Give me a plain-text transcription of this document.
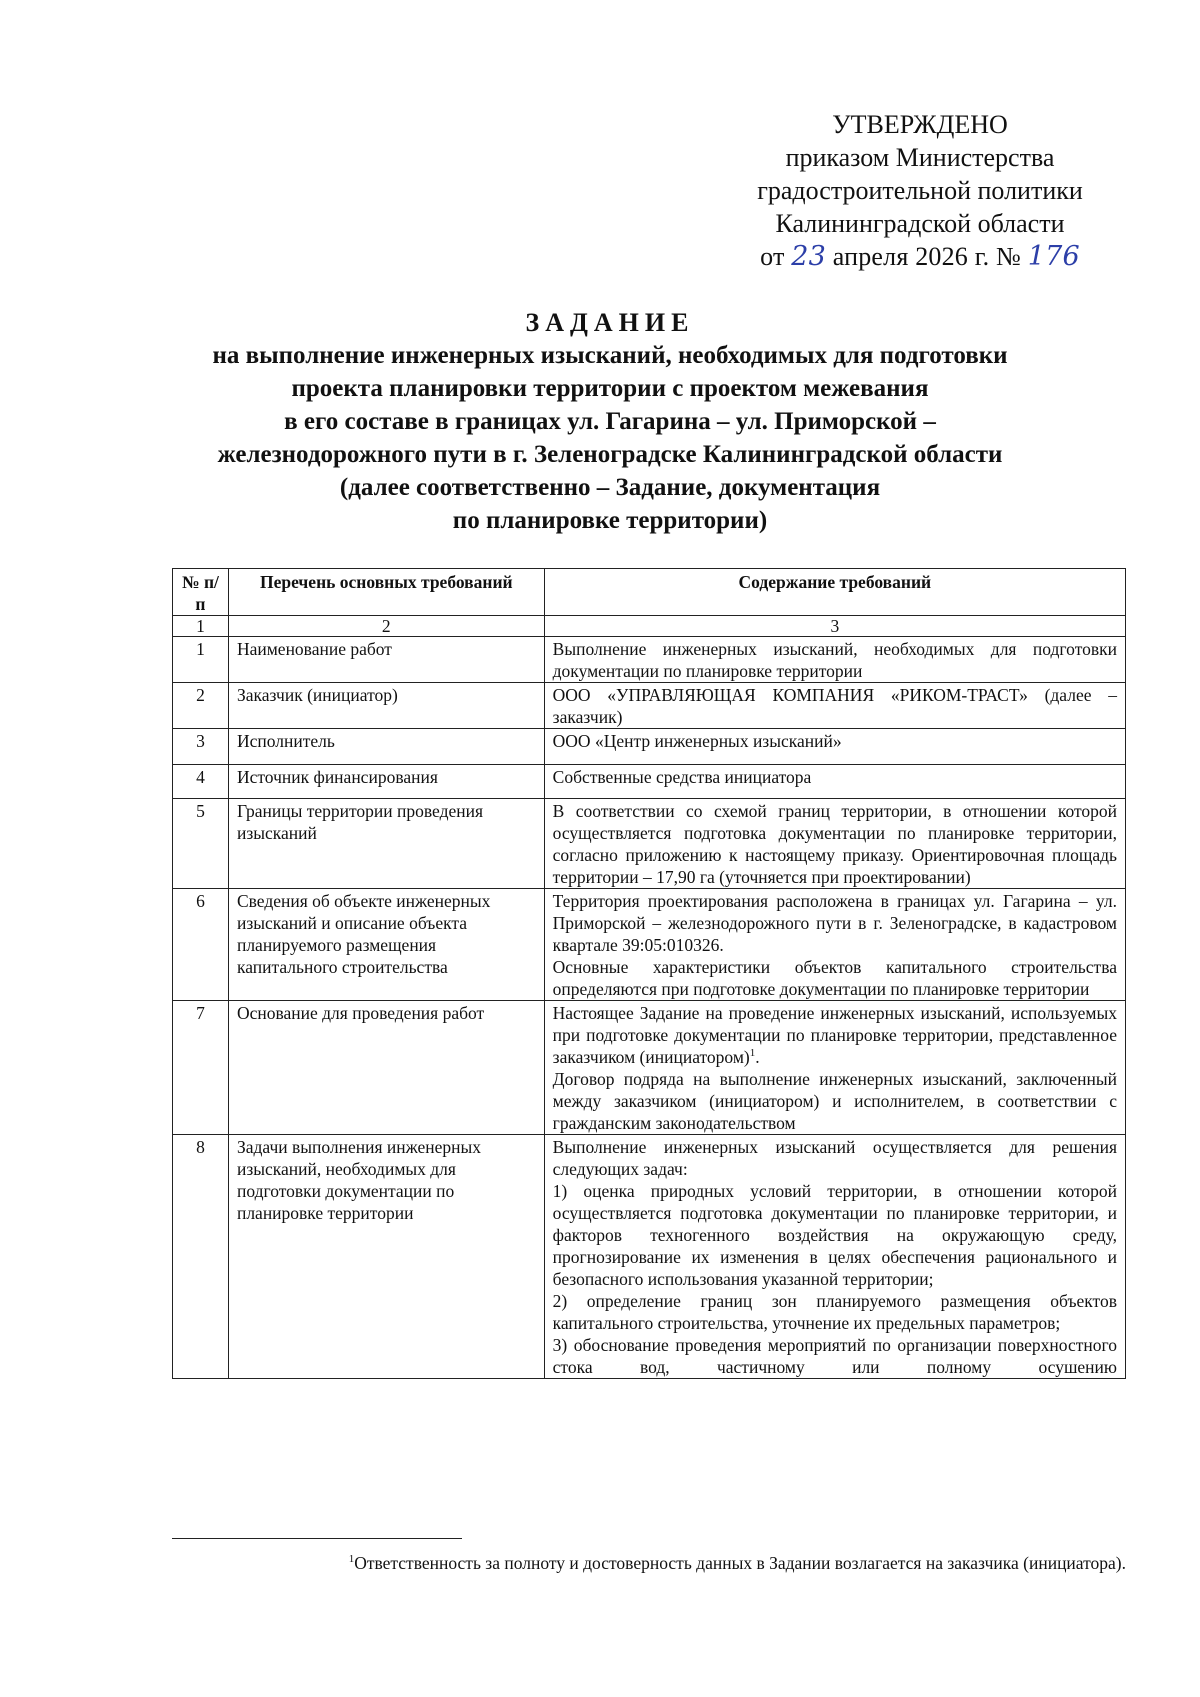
УТВЕРЖДЕНО
приказом Министерства
градостроительной политики
Калининградской области
от 23 апреля 2026 г. № 176
ЗАДАНИЕ
на выполнение инженерных изысканий, необходимых для подготовки
проекта планировки территории с проектом межевания
в его составе в границах ул. Гагарина – ул. Приморской –
железнодорожного пути в г. Зеленоградске Калининградской области
(далее соответственно – Задание, документация
по планировке территории)
№ п/п	Перечень основных требований	Содержание требований
1	2	3
1	Наименование работ	Выполнение инженерных изысканий, необходимых для подготовки документации по планировке территории

2	Заказчик (инициатор)	ООО «УПРАВЛЯЮЩАЯ КОМПАНИЯ «РИКОМ-ТРАСТ» (далее – заказчик)

3	Исполнитель	ООО «Центр инженерных изысканий»

4	Источник финансирования	Собственные средства инициатора

5	Границы территории проведения изысканий	В соответствии со схемой границ территории, в отношении которой осуществляется подготовка документации по планировке территории, согласно приложению к настоящему приказу. Ориентировочная площадь территории – 17,90 га (уточняется при проектировании)

6	Сведения об объекте инженерных изысканий и описание объекта планируемого размещения капитального строительства	Территория проектирования расположена в границах ул. Гагарина – ул. Приморской – железнодорожного пути в г. Зеленоградске, в кадастровом квартале 39:05:010326.

Основные характеристики объектов капитального строительства определяются при подготовке документации по планировке территории

7	Основание для проведения работ	Настоящее Задание на проведение инженерных изысканий, используемых при подготовке документации по планировке территории, представленное заказчиком (инициатором)$^1$.

Договор подряда на выполнение инженерных изысканий, заключенный между заказчиком (инициатором) и исполнителем, в соответствии с гражданским законодательством

8	Задачи выполнения инженерных изысканий, необходимых для подготовки документации по планировке территории	Выполнение инженерных изысканий осуществляется для решения следующих задач:

1) оценка природных условий территории, в отношении которой осуществляется подготовка документации по планировке территории, и факторов техногенного воздействия на окружающую среду, прогнозирование их изменения в целях обеспечения рационального и безопасного использования указанной территории;

2) определение границ зон планируемого размещения объектов капитального строительства, уточнение их предельных параметров;

3) обоснование проведения мероприятий по организации поверхностного стока вод, частичному или полному осушению

$^1$Ответственность за полноту и достоверность данных в Задании возлагается на заказчика (инициатора).
